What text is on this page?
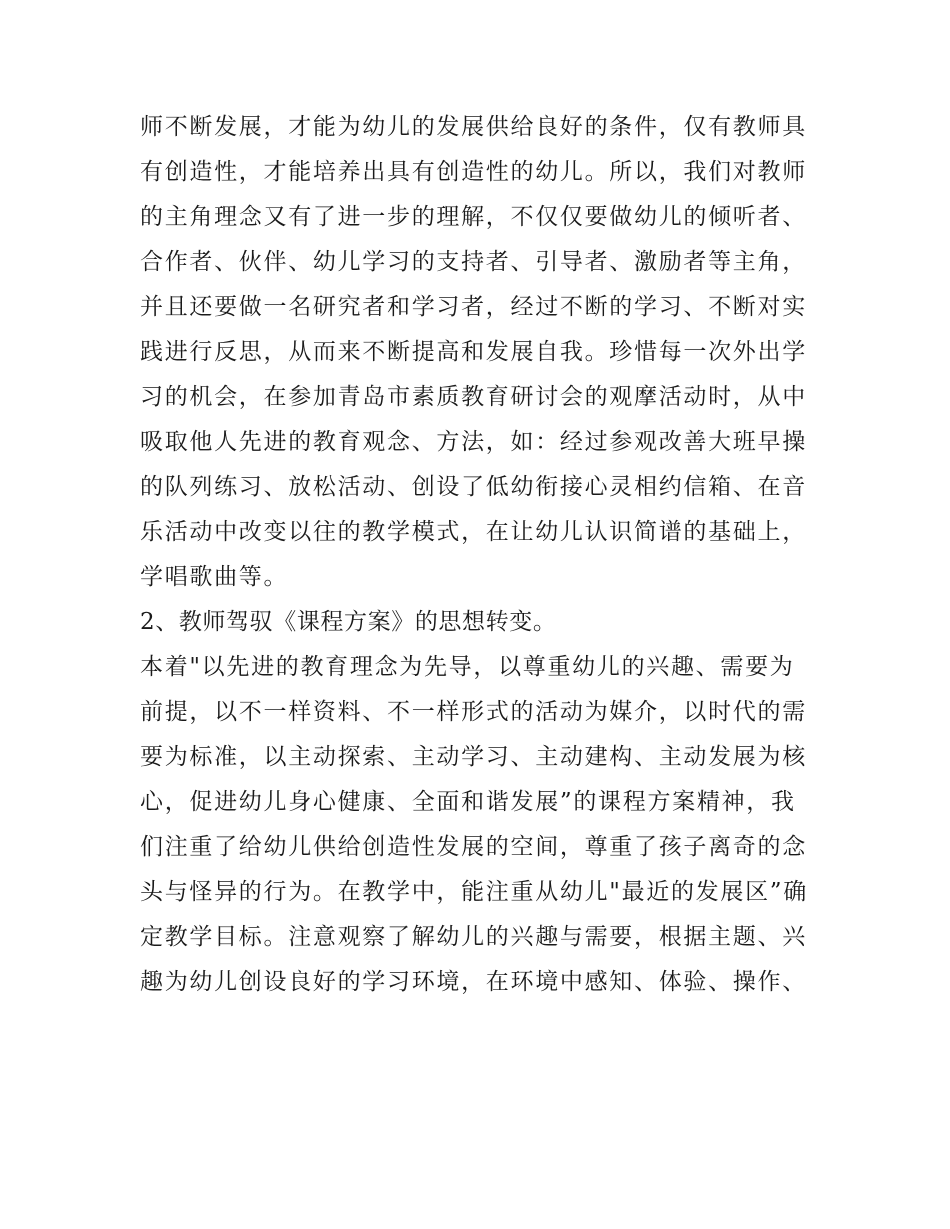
师不断发展，才能为幼儿的发展供给良好的条件，仅有教师具
有创造性，才能培养出具有创造性的幼儿。所以，我们对教师
的主角理念又有了进一步的理解，不仅仅要做幼儿的倾听者、
合作者、伙伴、幼儿学习的支持者、引导者、激励者等主角，
并且还要做一名研究者和学习者，经过不断的学习、不断对实
践进行反思，从而来不断提高和发展自我。珍惜每一次外出学
习的机会，在参加青岛市素质教育研讨会的观摩活动时，从中
吸取他人先进的教育观念、方法，如：经过参观改善大班早操
的队列练习、放松活动、创设了低幼衔接心灵相约信箱、在音
乐活动中改变以往的教学模式，在让幼儿认识简谱的基础上，
学唱歌曲等。
2、教师驾驭《课程方案》的思想转变。
本着"以先进的教育理念为先导，以尊重幼儿的兴趣、需要为
前提，以不一样资料、不一样形式的活动为媒介，以时代的需
要为标准，以主动探索、主动学习、主动建构、主动发展为核
心，促进幼儿身心健康、全面和谐发展”的课程方案精神，我
们注重了给幼儿供给创造性发展的空间，尊重了孩子离奇的念
头与怪异的行为。在教学中，能注重从幼儿"最近的发展区”确
定教学目标。注意观察了解幼儿的兴趣与需要，根据主题、兴
趣为幼儿创设良好的学习环境，在环境中感知、体验、操作、
